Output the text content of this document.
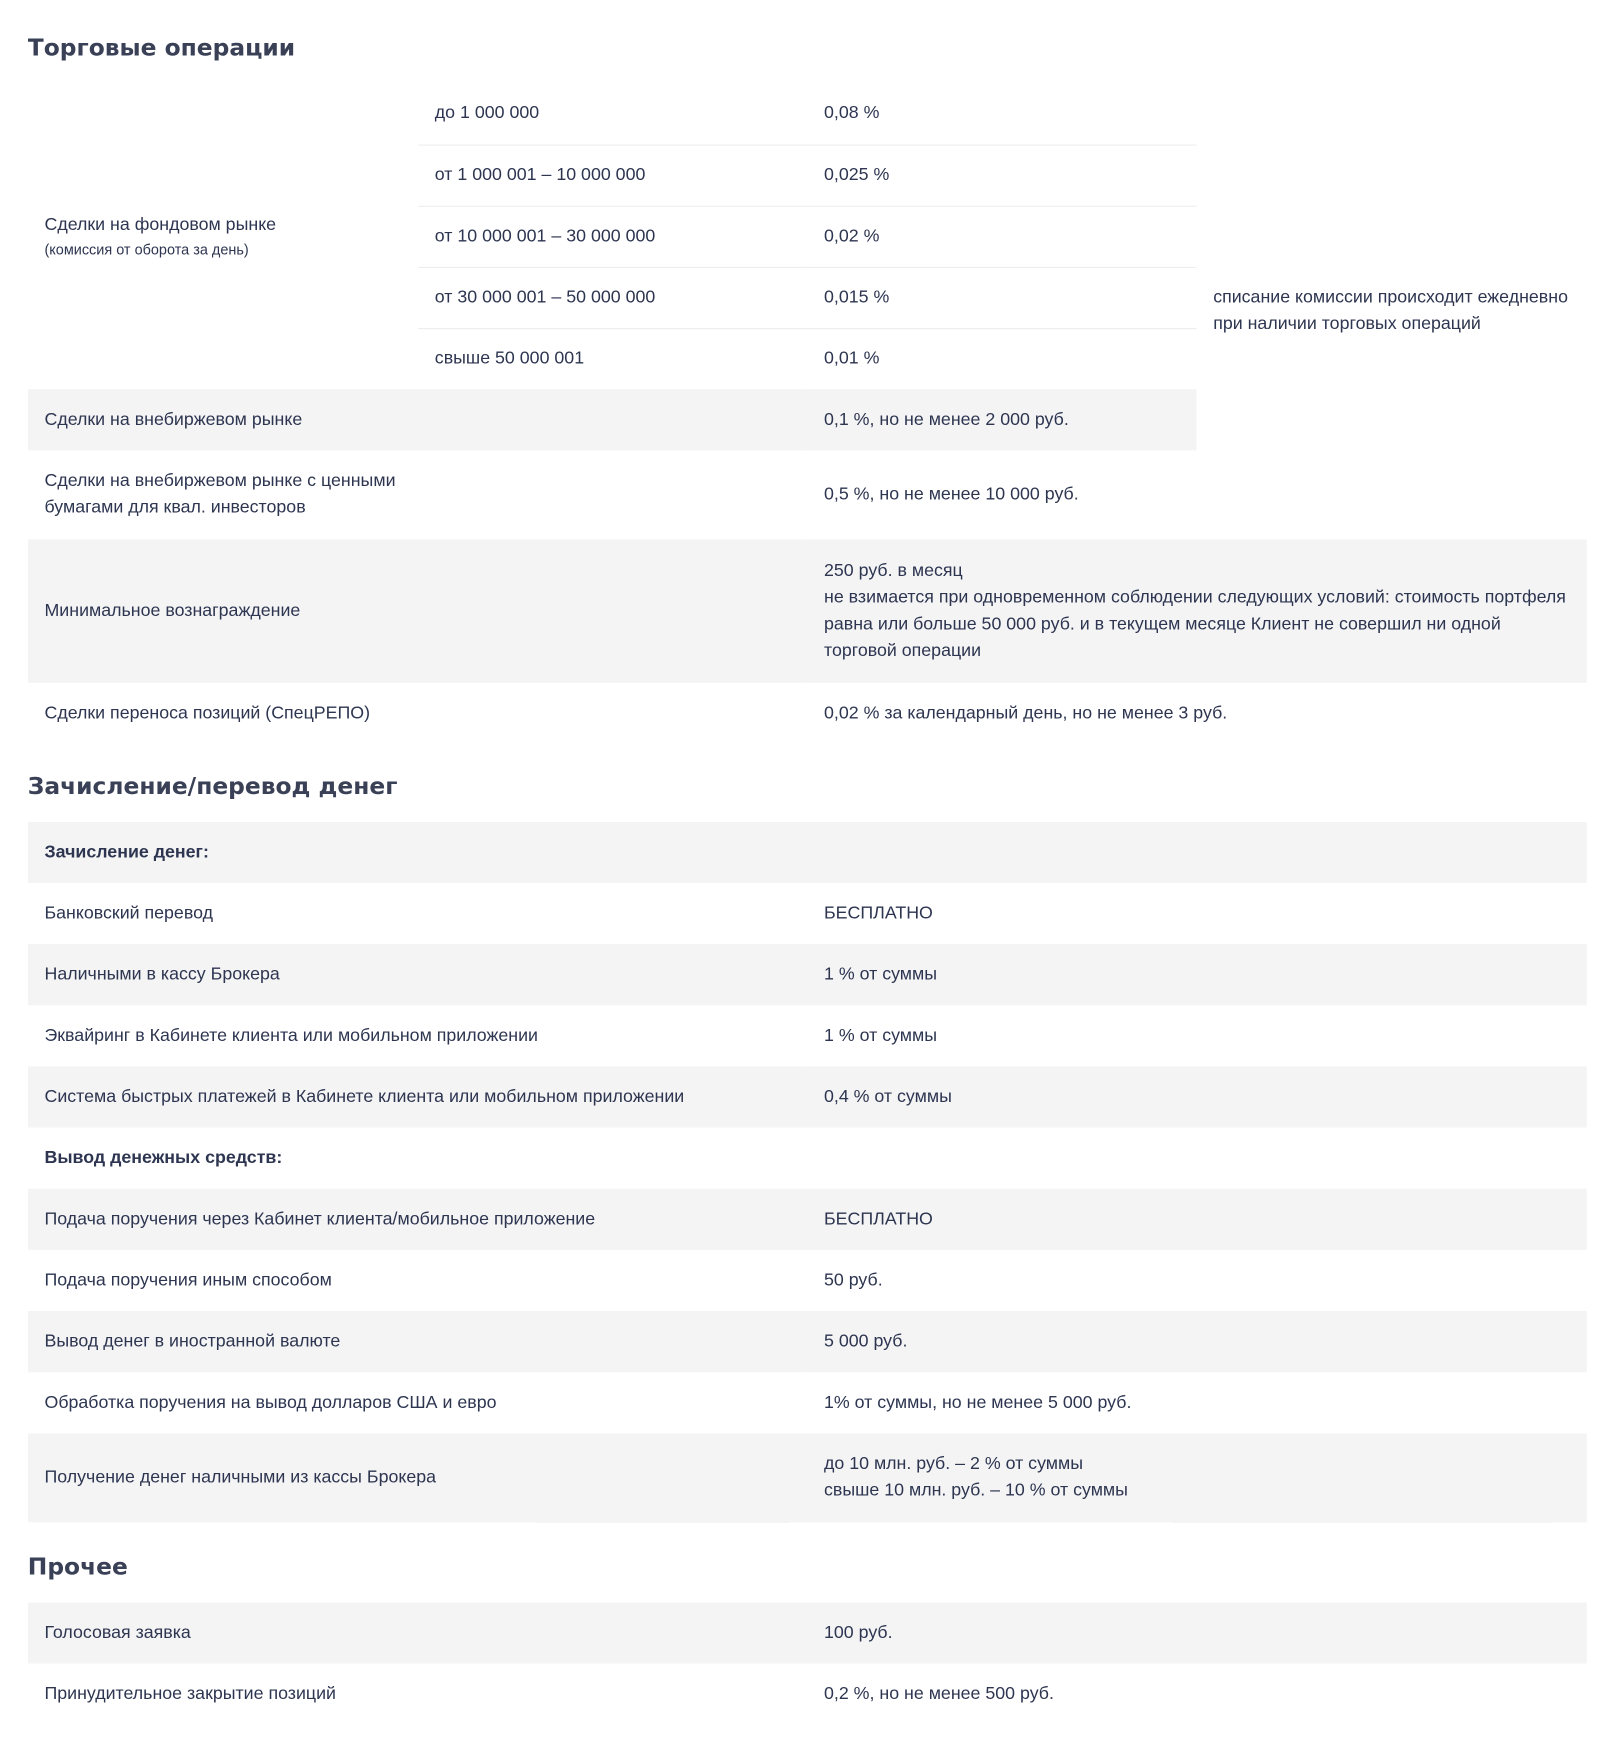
Торговые операции
Сделки на фондовом рынке
(комиссия от оборота за день)	до 1 000 000	0,08 %	списание комиссии происходит ежедневно при наличии торговых операций
	от 1 000 001 – 10 000 000	0,025 %	
	от 10 000 001 – 30 000 000	0,02 %	
	от 30 000 001 – 50 000 000	0,015 %	
	свыше 50 000 001	0,01 %	
Сделки на внебиржевом рынке		0,1 %, но не менее 2 000 руб.	

Сделки на внебиржевом рынке с ценными бумагами для квал. инвесторов		0,5 %, но не менее 10 000 руб.	
Минимальное вознаграждение		250 руб. в месяц
не взимается при одновременном соблюдении следующих условий: стоимость портфеля равна или больше 50 000 руб. и в текущем месяце Клиент не совершил ни одной торговой операции	
Сделки переноса позиций (СпецРЕПО)		0,02 % за календарный день, но не менее 3 руб.	
Зачисление/перевод денег
Зачисление денег:	
Банковский перевод	БЕСПЛАТНО
Наличными в кассу Брокера	1 % от суммы
Эквайринг в Кабинете клиента или мобильном приложении	1 % от суммы
Система быстрых платежей в Кабинете клиента или мобильном приложении	0,4 % от суммы
Вывод денежных средств:	
Подача поручения через Кабинет клиента/мобильное приложение	БЕСПЛАТНО
Подача поручения иным способом	50 руб.
Вывод денег в иностранной валюте	5 000 руб.
Обработка поручения на вывод долларов США и евро	1% от суммы, но не менее 5 000 руб.
Получение денег наличными из кассы Брокера	до 10 млн. руб. – 2 % от суммы
свыше 10 млн. руб. – 10 % от суммы
Прочее
Голосовая заявка	100 руб.
Принудительное закрытие позиций	0,2 %, но не менее 500 руб.
